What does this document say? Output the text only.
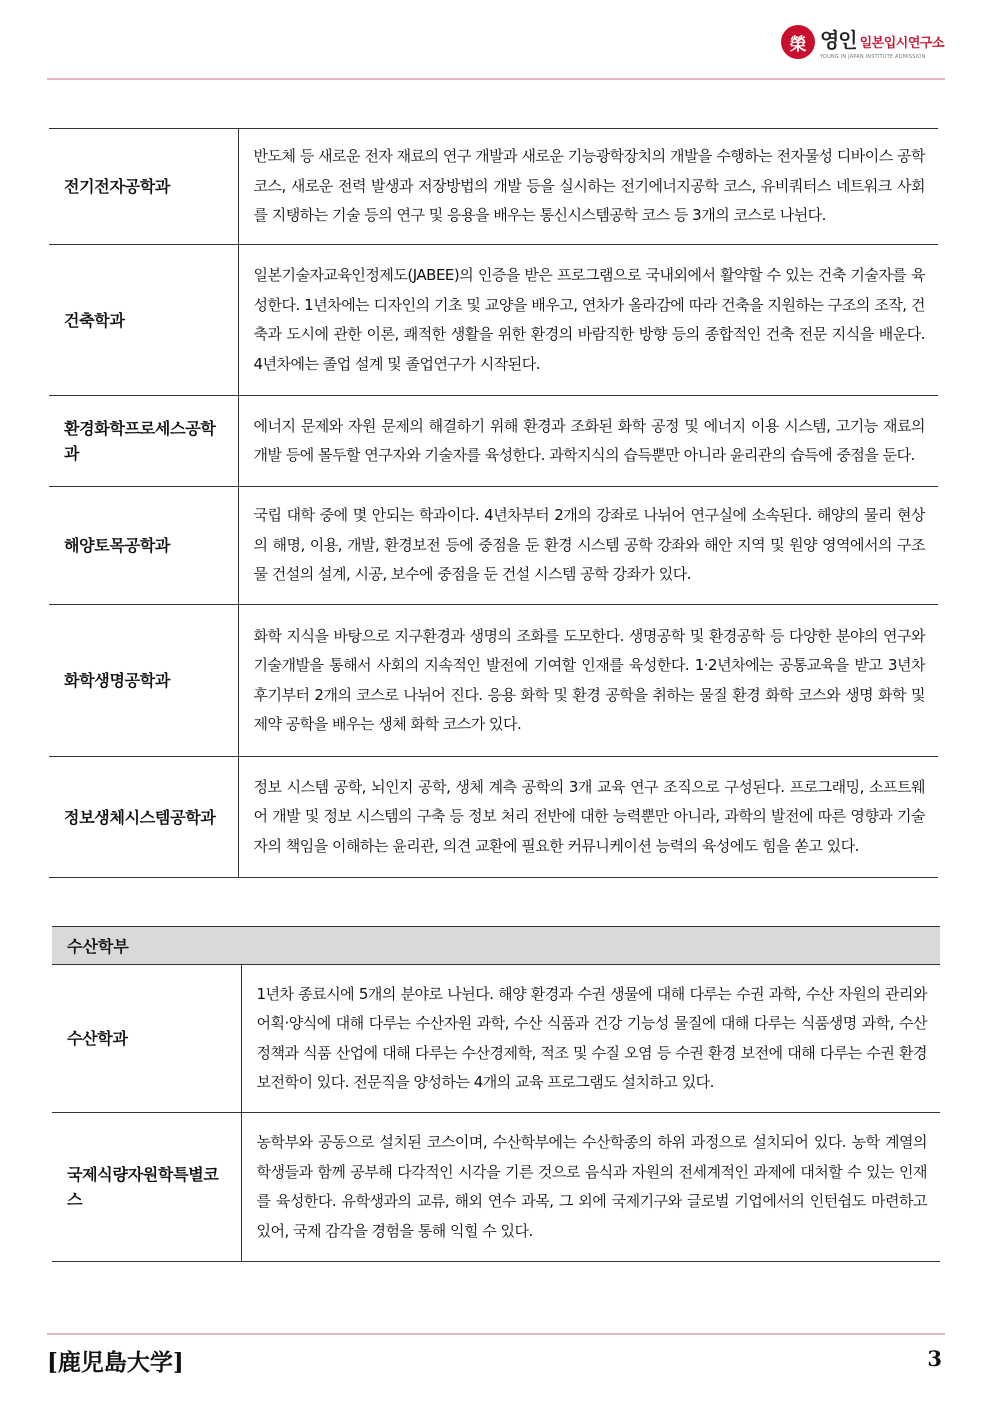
榮 영인 일본입시연구소
YOUNG IN JAPAN INSTITUTE ADMISSION
전기전자공학과	반도체 등 새로운 전자 재료의 연구 개발과 새로운 기능광학장치의 개발을 수행하는 전자물성 디바이스 공학 코스, 새로운 전력 발생과 저장방법의 개발 등을 실시하는 전기에너지공학 코스, 유비쿼터스 네트워크 사회를 지탱하는 기술 등의 연구 및 응용을 배우는 통신시스템공학 코스 등 3개의 코스로 나뉜다.
건축학과	일본기술자교육인정제도(JABEE)의 인증을 받은 프로그램으로 국내외에서 활약할 수 있는 건축 기술자를 육성한다. 1년차에는 디자인의 기초 및 교양을 배우고, 연차가 올라감에 따라 건축을 지원하는 구조의 조작, 건축과 도시에 관한 이론, 쾌적한 생활을 위한 환경의 바람직한 방향 등의 종합적인 건축 전문 지식을 배운다. 4년차에는 졸업 설계 및 졸업연구가 시작된다.
환경화학프로세스공학과	에너지 문제와 자원 문제의 해결하기 위해 환경과 조화된 화학 공정 및 에너지 이용 시스템, 고기능 재료의 개발 등에 몰두할 연구자와 기술자를 육성한다. 과학지식의 습득뿐만 아니라 윤리관의 습득에 중점을 둔다.
해양토목공학과	국립 대학 중에 몇 안되는 학과이다. 4년차부터 2개의 강좌로 나뉘어 연구실에 소속된다. 해양의 물리 현상의 해명, 이용, 개발, 환경보전 등에 중점을 둔 환경 시스템 공학 강좌와 해안 지역 및 원양 영역에서의 구조물 건설의 설계, 시공, 보수에 중점을 둔 건설 시스템 공학 강좌가 있다.
화학생명공학과	화학 지식을 바탕으로 지구환경과 생명의 조화를 도모한다. 생명공학 및 환경공학 등 다양한 분야의 연구와 기술개발을 통해서 사회의 지속적인 발전에 기여할 인재를 육성한다. 1·2년차에는 공통교육을 받고 3년차 후기부터 2개의 코스로 나뉘어 진다. 응용 화학 및 환경 공학을 취하는 물질 환경 화학 코스와 생명 화학 및 제약 공학을 배우는 생체 화학 코스가 있다.
정보생체시스템공학과	정보 시스템 공학, 뇌인지 공학, 생체 계측 공학의 3개 교육 연구 조직으로 구성된다. 프로그래밍, 소프트웨어 개발 및 정보 시스템의 구축 등 정보 처리 전반에 대한 능력뿐만 아니라, 과학의 발전에 따른 영향과 기술자의 책임을 이해하는 윤리관, 의견 교환에 필요한 커뮤니케이션 능력의 육성에도 힘을 쏟고 있다.
수산학부	
수산학과	1년차 종료시에 5개의 분야로 나뉜다. 해양 환경과 수권 생물에 대해 다루는 수권 과학, 수산 자원의 관리와 어획·양식에 대해 다루는 수산자원 과학, 수산 식품과 건강 기능성 물질에 대해 다루는 식품생명 과학, 수산 정책과 식품 산업에 대해 다루는 수산경제학, 적조 및 수질 오염 등 수권 환경 보전에 대해 다루는 수권 환경 보전학이 있다. 전문직을 양성하는 4개의 교육 프로그램도 설치하고 있다.
국제식량자원학특별코스	농학부와 공동으로 설치된 코스이며, 수산학부에는 수산학종의 하위 과정으로 설치되어 있다. 농학 계열의 학생들과 함께 공부해 다각적인 시각을 기른 것으로 음식과 자원의 전세계적인 과제에 대처할 수 있는 인재를 육성한다. 유학생과의 교류, 해외 연수 과목, 그 외에 국제기구와 글로벌 기업에서의 인턴쉽도 마련하고 있어, 국제 감각을 경험을 통해 익힐 수 있다.
[鹿児島大学]	3
